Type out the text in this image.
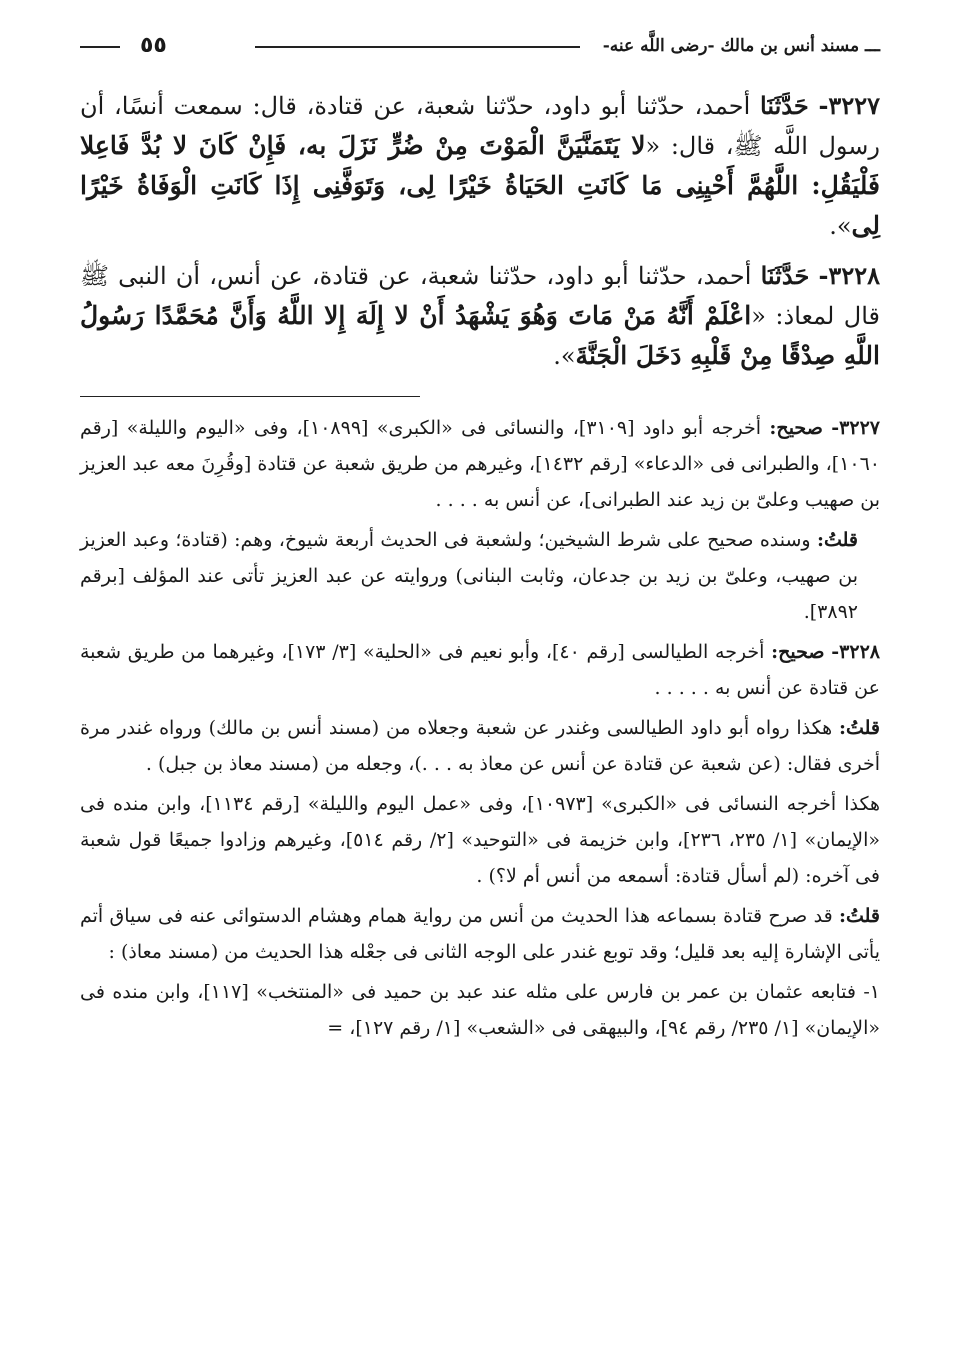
ـــ مسند أنس بن مالك -رضى اللَّه عنه-
٥٥

٣٢٢٧- حَدَّثَنَا أحمد، حدّثنا أبو داود، حدّثنا شعبة، عن قتادة، قال: سمعت أنسًا، أن رسول اللَّه ﷺ، قال: «لا يَتَمَنَّيَنَّ الْمَوْتَ مِنْ ضُرٍّ نَزَلَ به، فَإِنْ كَانَ لا بُدَّ فَاعِلا فَلْيَقُلِ: اللَّهُمَّ أَحْيِنِى مَا كَانَتِ الحَيَاةُ خَيْرًا لِى، وَتَوَفَّنِى إِذَا كَانَتِ الْوَفَاةُ خَيْرًا لِى».

٣٢٢٨- حَدَّثَنَا أحمد، حدّثنا أبو داود، حدّثنا شعبة، عن قتادة، عن أنس، أن النبى ﷺ قال لمعاذ: «اعْلَمْ أَنَّهُ مَنْ مَاتَ وَهُوَ يَشْهَدُ أَنْ لا إِلَهَ إِلا اللَّهُ وَأَنَّ مُحَمَّدًا رَسُولُ اللَّهِ صِدْقًا مِنْ قَلْبِهِ دَخَلَ الْجَنَّةَ».

٣٢٢٧- صحيح: أخرجه أبو داود [٣١٠٩]، والنسائى فى «الكبرى» [١٠٨٩٩]، وفى «اليوم والليلة» [رقم ١٠٦٠]، والطبرانى فى «الدعاء» [رقم ١٤٣٢]، وغيرهم من طريق شعبة عن قتادة [وقُرِنَ معه عبد العزيز بن صهيب وعلىّ بن زيد عند الطبرانى]، عن أنس به . . . .

قلتُ: وسنده صحيح على شرط الشيخين؛ ولشعبة فى الحديث أربعة شيوخ، وهم: (قتادة؛ وعبد العزيز بن صهيب، وعلىّ بن زيد بن جدعان، وثابت البنانى) وروايته عن عبد العزيز تأتى عند المؤلف [برقم ٣٨٩٢].

٣٢٢٨- صحيح: أخرجه الطيالسى [رقم ٤٠]، وأبو نعيم فى «الحلية» [٣/ ١٧٣]، وغيرهما من طريق شعبة عن قتادة عن أنس به . . . . .

قلتُ: هكذا رواه أبو داود الطيالسى وغندر عن شعبة وجعلاه من (مسند أنس بن مالك) ورواه غندر مرة أخرى فقال: (عن شعبة عن قتادة عن أنس عن معاذ به . . .)، وجعله من (مسند معاذ بن جبل) .

هكذا أخرجه النسائى فى «الكبرى» [١٠٩٧٣]، وفى «عمل اليوم والليلة» [رقم ١١٣٤]، وابن منده فى «الإيمان» [١/ ٢٣٥، ٢٣٦]، وابن خزيمة فى «التوحيد» [٢/ رقم ٥١٤]، وغيرهم وزادوا جميعًا قول شعبة فى آخره: (لم أسأل قتادة: أسمعه من أنس أم لا؟) .

قلتُ: قد صرح قتادة بسماعه هذا الحديث من أنس من رواية همام وهشام الدستوائى عنه فى سياق أتم يأتى الإشارة إليه بعد قليل؛ وقد توبع غندر على الوجه الثانى فى جعْله هذا الحديث من (مسند معاذ) :

١- فتابعه عثمان بن عمر بن فارس على مثله عند عبد بن حميد فى «المنتخب» [١١٧]، وابن منده فى «الإيمان» [١/ ٢٣٥/ رقم ٩٤]، والبيهقى فى «الشعب» [١/ رقم ١٢٧]، =
